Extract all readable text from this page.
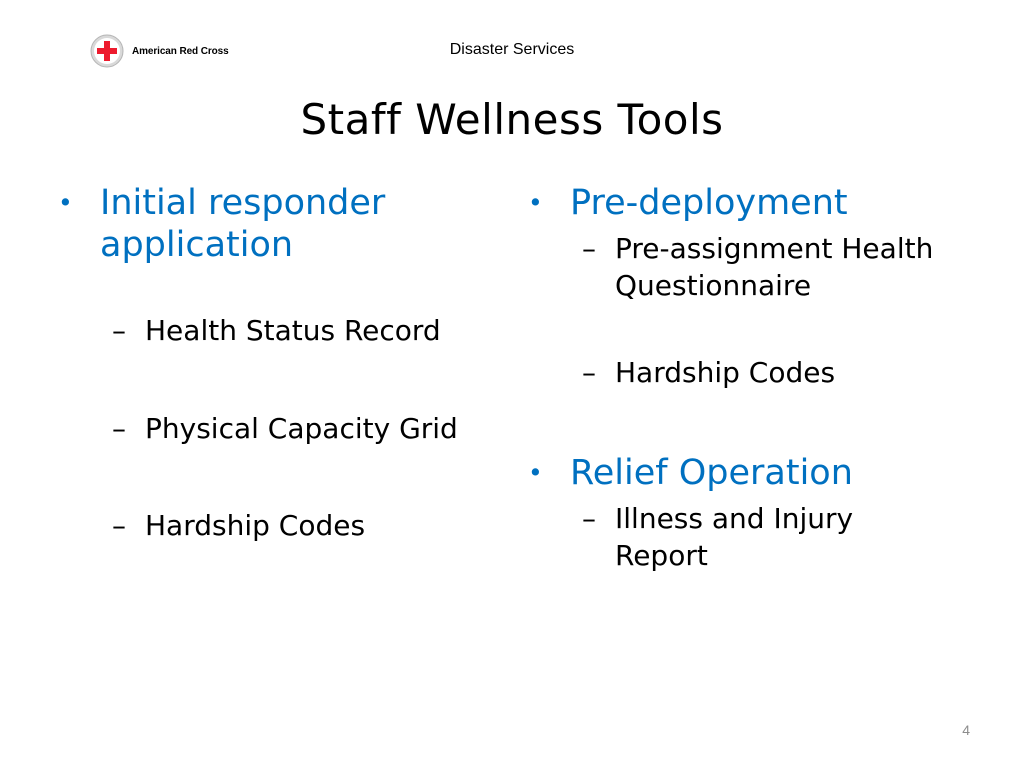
American Red Cross	Disaster Services
Staff Wellness Tools
• Initial responder application
– Health Status Record
– Physical Capacity Grid
– Hardship Codes
• Pre-deployment
– Pre-assignment Health Questionnaire
– Hardship Codes
• Relief Operation
– Illness and Injury Report
4
